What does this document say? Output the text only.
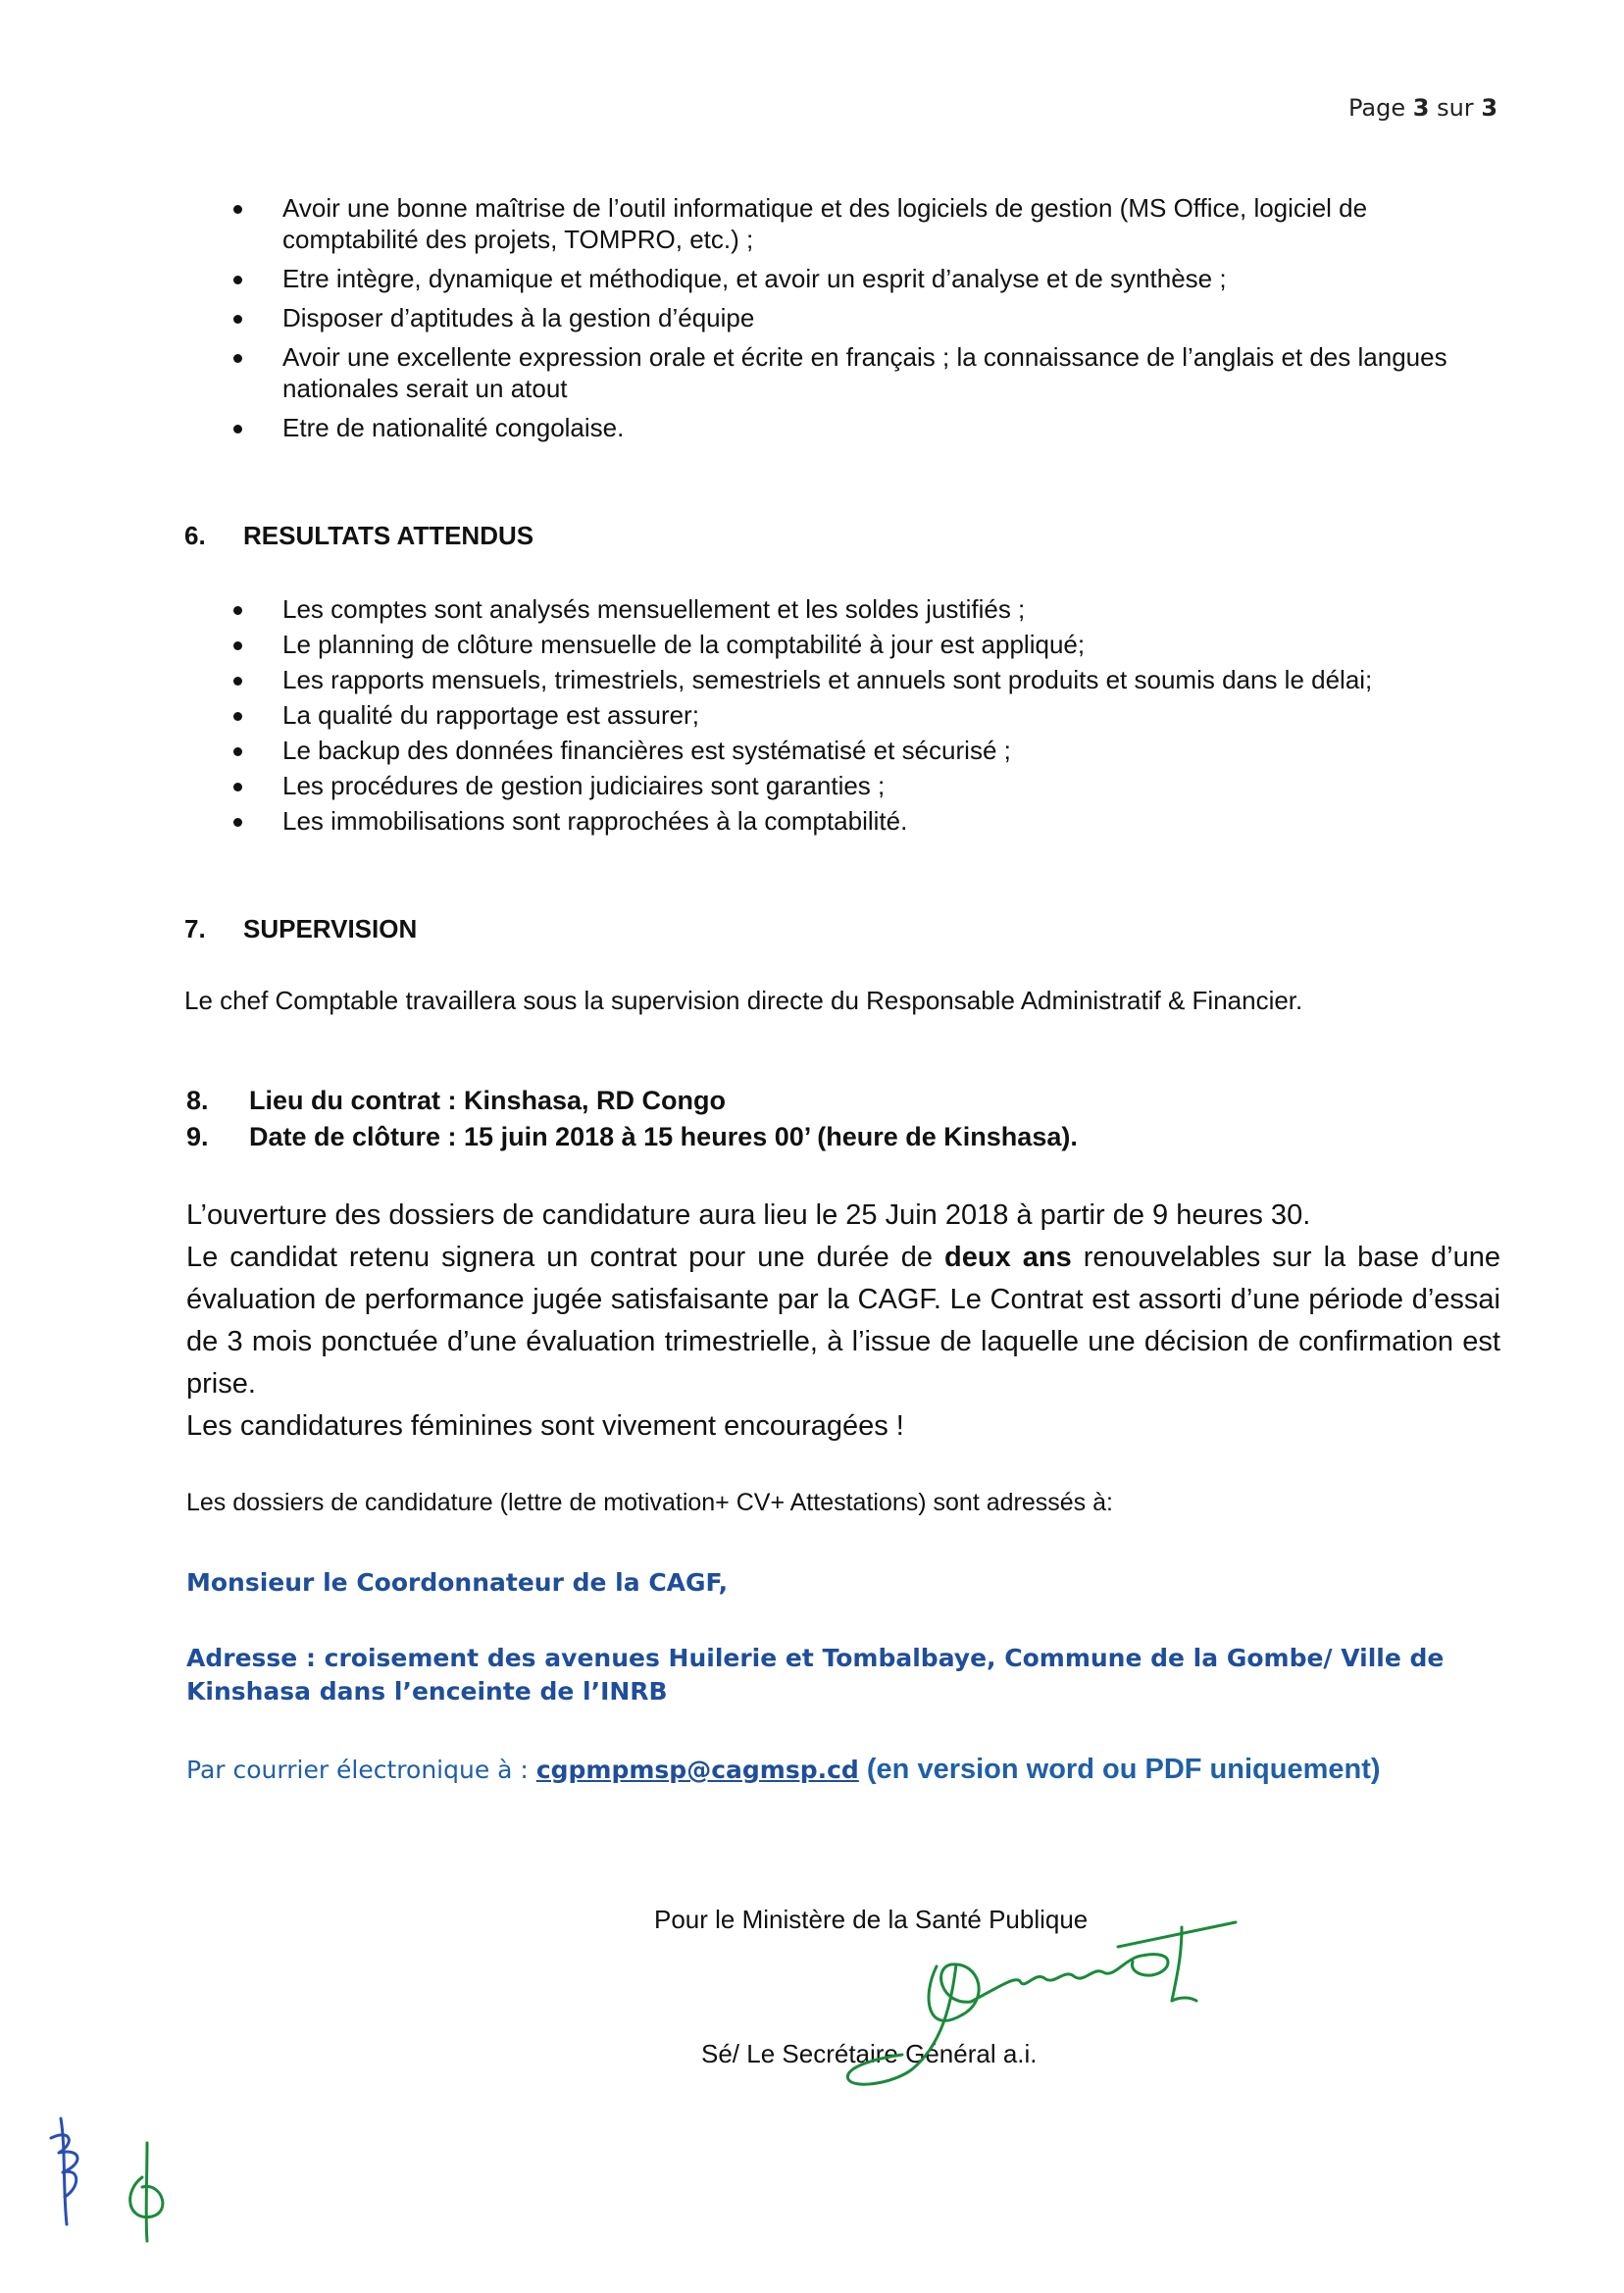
Page 3 sur 3
Avoir une bonne maîtrise de l’outil informatique et des logiciels de gestion (MS Office, logiciel de comptabilité des projets, TOMPRO, etc.) ;
Etre intègre, dynamique et méthodique, et avoir un esprit d’analyse et de synthèse ;
Disposer d’aptitudes à la gestion d’équipe
Avoir une excellente expression orale et écrite en français ; la connaissance de l’anglais et des langues nationales serait un atout
Etre de nationalité congolaise.
6. RESULTATS ATTENDUS
Les comptes sont analysés mensuellement et les soldes justifiés ;
Le planning de clôture mensuelle de la comptabilité à jour est appliqué;
Les rapports mensuels, trimestriels, semestriels et annuels sont produits et soumis dans le délai;
La qualité du rapportage est assurer;
Le backup des données financières est systématisé et sécurisé ;
Les procédures de gestion judiciaires sont garanties ;
Les immobilisations sont rapprochées à la comptabilité.
7. SUPERVISION
Le chef Comptable travaillera sous la supervision directe du Responsable Administratif & Financier.
8. Lieu du contrat : Kinshasa, RD Congo
9. Date de clôture : 15 juin 2018 à 15 heures 00’ (heure de Kinshasa).

L’ouverture des dossiers de candidature aura lieu le 25 Juin 2018 à partir de 9 heures 30.

Le candidat retenu signera un contrat pour une durée de deux ans renouvelables sur la base d’une évaluation de performance jugée satisfaisante par la CAGF. Le Contrat est assorti d’une période d’essai de 3 mois ponctuée d’une évaluation trimestrielle, à l’issue de laquelle une décision de confirmation est prise.

Les candidatures féminines sont vivement encouragées !

Les dossiers de candidature (lettre de motivation+ CV+ Attestations) sont adressés à:
Monsieur le Coordonnateur de la CAGF,
Adresse : croisement des avenues Huilerie et Tombalbaye, Commune de la Gombe/ Ville de Kinshasa dans l’enceinte de l’INRB
Par courrier électronique à : cgpmpmsp@cagmsp.cd (en version word ou PDF uniquement)
Pour le Ministère de la Santé Publique
Sé/ Le Secrétaire Général a.i.
